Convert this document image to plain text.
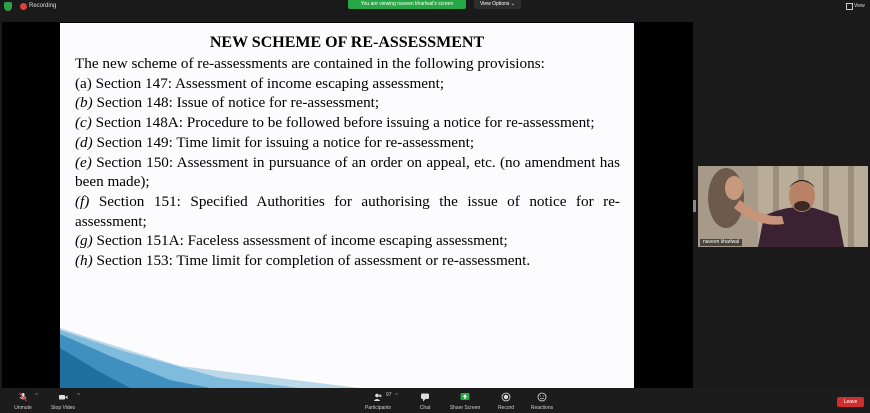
Recording	You are viewing naveen kharlwal's screen	View Options ⌄	View
NEW SCHEME OF RE-ASSESSMENT
The new scheme of re-assessments are contained in the following provisions:
(a) Section 147: Assessment of income escaping assessment;
(b) Section 148: Issue of notice for re-assessment;
(c) Section 148A: Procedure to be followed before issuing a notice for re-assessment;
(d) Section 149: Time limit for issuing a notice for re-assessment;
(e) Section 150: Assessment in pursuance of an order on appeal, etc. (no amendment has been made);
(f) Section 151: Specified Authorities for authorising the issue of notice for re-assessment;
(g) Section 151A: Faceless assessment of income escaping assessment;
(h) Section 153: Time limit for completion of assessment or re-assessment.
naveen kharlwal
^
Unmute
^
Stop Video
97 ^
Participants	Chat	Share Screen	Record	Reactions
Leave
